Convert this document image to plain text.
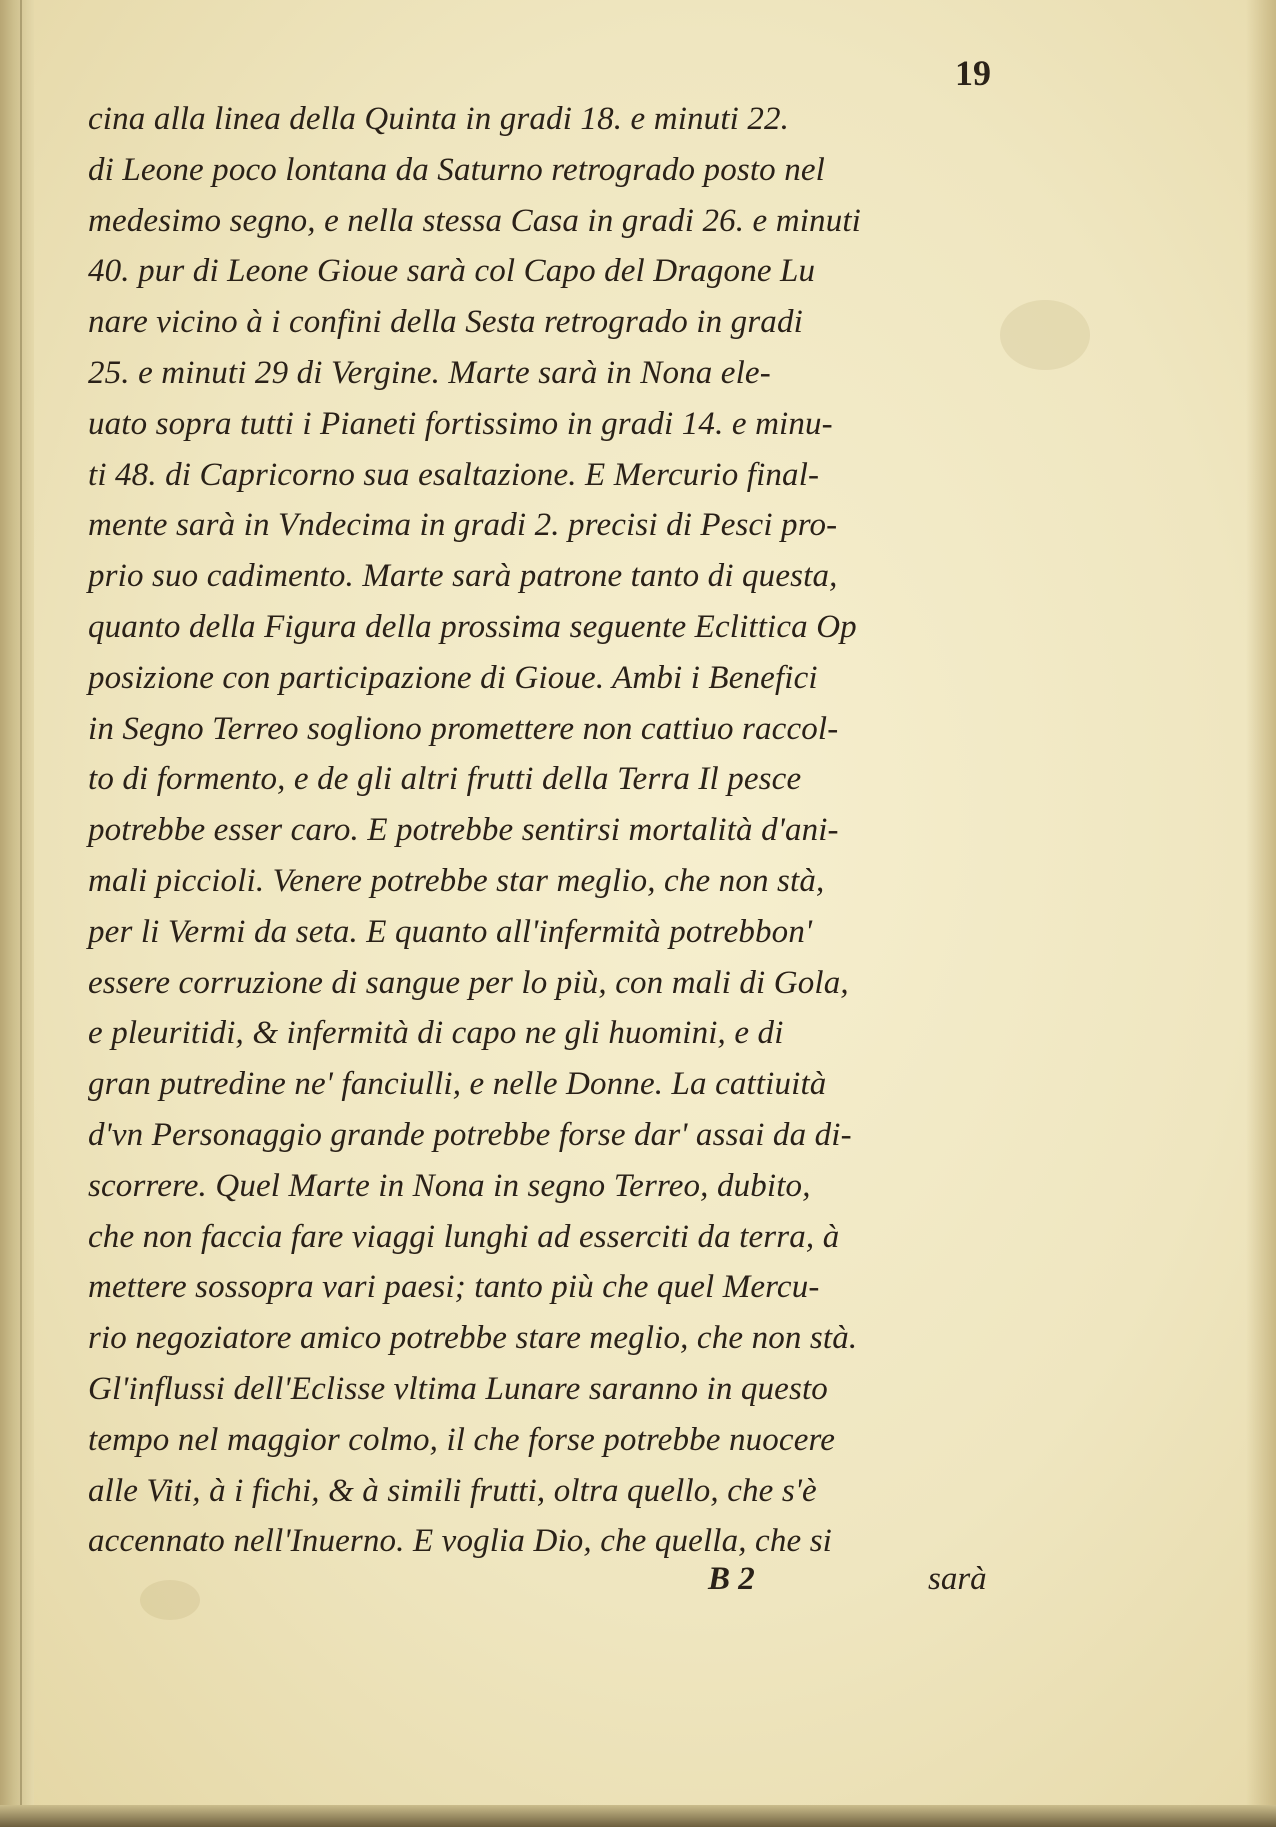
19
cina alla linea della Quinta in gradi 18. e minuti 22.
di Leone poco lontana da Saturno retrogrado posto nel
medesimo segno, e nella stessa Casa in gradi 26. e minuti
40. pur di Leone Gioue sarà col Capo del Dragone Lu
nare vicino à i confini della Sesta retrogrado in gradi
25. e minuti 29 di Vergine. Marte sarà in Nona ele-
uato sopra tutti i Pianeti fortissimo in gradi 14. e minu-
ti 48. di Capricorno sua esaltazione. E Mercurio final-
mente sarà in Vndecima in gradi 2. precisi di Pesci pro-
prio suo cadimento. Marte sarà patrone tanto di questa,
quanto della Figura della prossima seguente Eclittica Op
posizione con participazione di Gioue. Ambi i Benefici
in Segno Terreo sogliono promettere non cattiuo raccol-
to di formento, e de gli altri frutti della Terra Il pesce
potrebbe esser caro. E potrebbe sentirsi mortalità d'ani-
mali piccioli. Venere potrebbe star meglio, che non stà,
per li Vermi da seta. E quanto all'infermità potrebbon'
essere corruzione di sangue per lo più, con mali di Gola,
e pleuritidi, & infermità di capo ne gli huomini, e di
gran putredine ne' fanciulli, e nelle Donne. La cattiuità
d'vn Personaggio grande potrebbe forse dar' assai da di-
scorrere. Quel Marte in Nona in segno Terreo, dubito,
che non faccia fare viaggi lunghi ad esserciti da terra, à
mettere sossopra vari paesi; tanto più che quel Mercu-
rio negoziatore amico potrebbe stare meglio, che non stà.
Gl'influssi dell'Eclisse vltima Lunare saranno in questo
tempo nel maggior colmo, il che forse potrebbe nuocere
alle Viti, à i fichi, & à simili frutti, oltra quello, che s'è
accennato nell'Inuerno. E voglia Dio, che quella, che si
B 2	sarà
